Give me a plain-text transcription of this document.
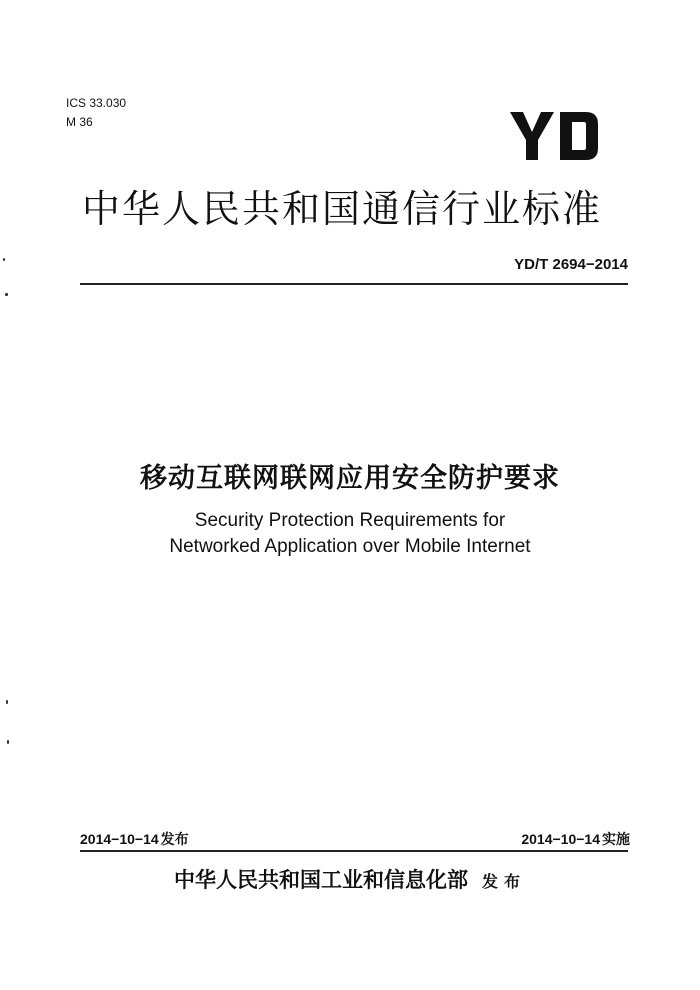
ICS 33.030
M 36
YD
中华人民共和国通信行业标准
YD/T 2694−2014
移动互联网联网应用安全防护要求
Security Protection Requirements for
Networked Application over Mobile Internet
2014−10−14 发布	2014−10−14 实施
中华人民共和国工业和信息化部 发布
